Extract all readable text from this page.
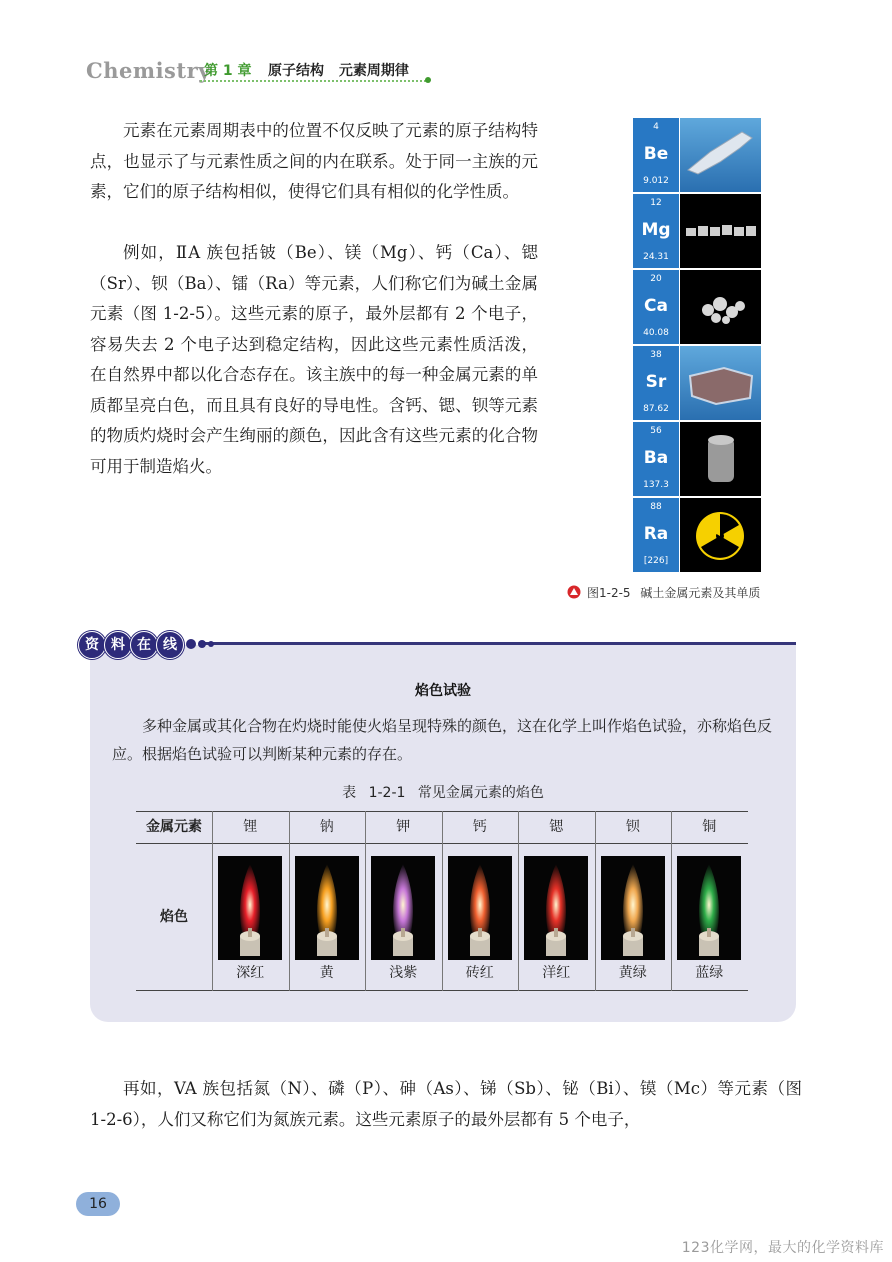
Chemistry
第 1 章 原子结构 元素周期律

元素在元素周期表中的位置不仅反映了元素的原子结构特点，也显示了与元素性质之间的内在联系。处于同一主族的元素，它们的原子结构相似，使得它们具有相似的化学性质。

例如，ⅡA 族包括铍（Be）、镁（Mg）、钙（Ca）、锶（Sr）、钡（Ba）、镭（Ra）等元素，人们称它们为碱土金属元素（图 1-2-5）。这些元素的原子，最外层都有 2 个电子，容易失去 2 个电子达到稳定结构，因此这些元素性质活泼，在自然界中都以化合态存在。该主族中的每一种金属元素的单质都呈亮白色，而且具有良好的导电性。含钙、锶、钡等元素的物质灼烧时会产生绚丽的颜色，因此含有这些元素的化合物可用于制造焰火。

4
Be
9.012
12
Mg
24.31
20
Ca
40.08
38
Sr
87.62
56
Ba
137.3
88
Ra
[226]
图1-2-5 碱土金属元素及其单质
资 料 在 线
焰色试验

多种金属或其化合物在灼烧时能使火焰呈现特殊的颜色，这在化学上叫作焰色试验，亦称焰色反应。根据焰色试验可以判断某种元素的存在。

表 1-2-1 常见金属元素的焰色
金属元素
焰色
锂
深红
钠
黄
钾
浅紫
钙
砖红
锶
洋红
钡
黄绿
铜
蓝绿

再如，VA 族包括氮（N）、磷（P）、砷（As）、锑（Sb）、铋（Bi）、镆（Mc）等元素（图 1-2-6），人们又称它们为氮族元素。这些元素原子的最外层都有 5 个电子，

16
123化学网，最大的化学资料库
